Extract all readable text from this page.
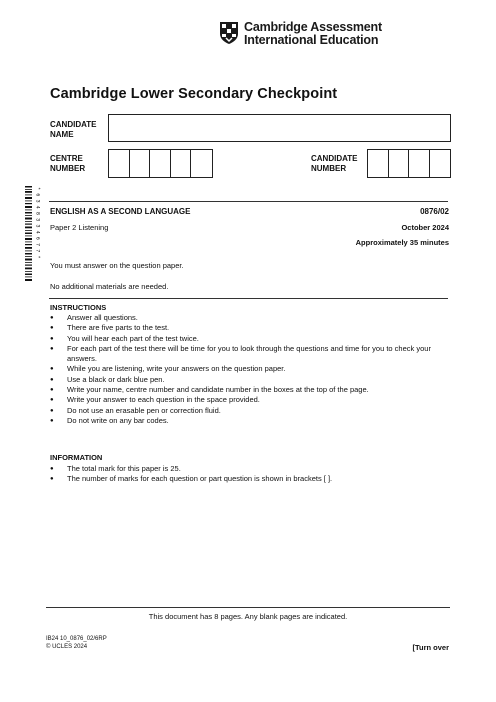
Cambridge Assessment
International Education
Cambridge Lower Secondary Checkpoint
CANDIDATE
NAME
CENTRE
NUMBER
CANDIDATE
NUMBER
* 6 3 4 8 3 3 4 6 7 7 * ENGLISH AS A SECOND LANGUAGE	0876/02
Paper 2 Listening	October 2024
Approximately 35 minutes
You must answer on the question paper.
No additional materials are needed.
INSTRUCTIONS
● Answer all questions.
● There are five parts to the test.
● You will hear each part of the test twice.
● For each part of the test there will be time for you to look through the questions and time for you to check your answers.
● While you are listening, write your answers on the question paper.
● Use a black or dark blue pen.
● Write your name, centre number and candidate number in the boxes at the top of the page.
● Write your answer to each question in the space provided.
● Do not use an erasable pen or correction fluid.
● Do not write on any bar codes.
INFORMATION
● The total mark for this paper is 25.
● The number of marks for each question or part question is shown in brackets [ ].
This document has 8 pages. Any blank pages are indicated.
IB24 10_0876_02/6RP
© UCLES 2024	[Turn over
